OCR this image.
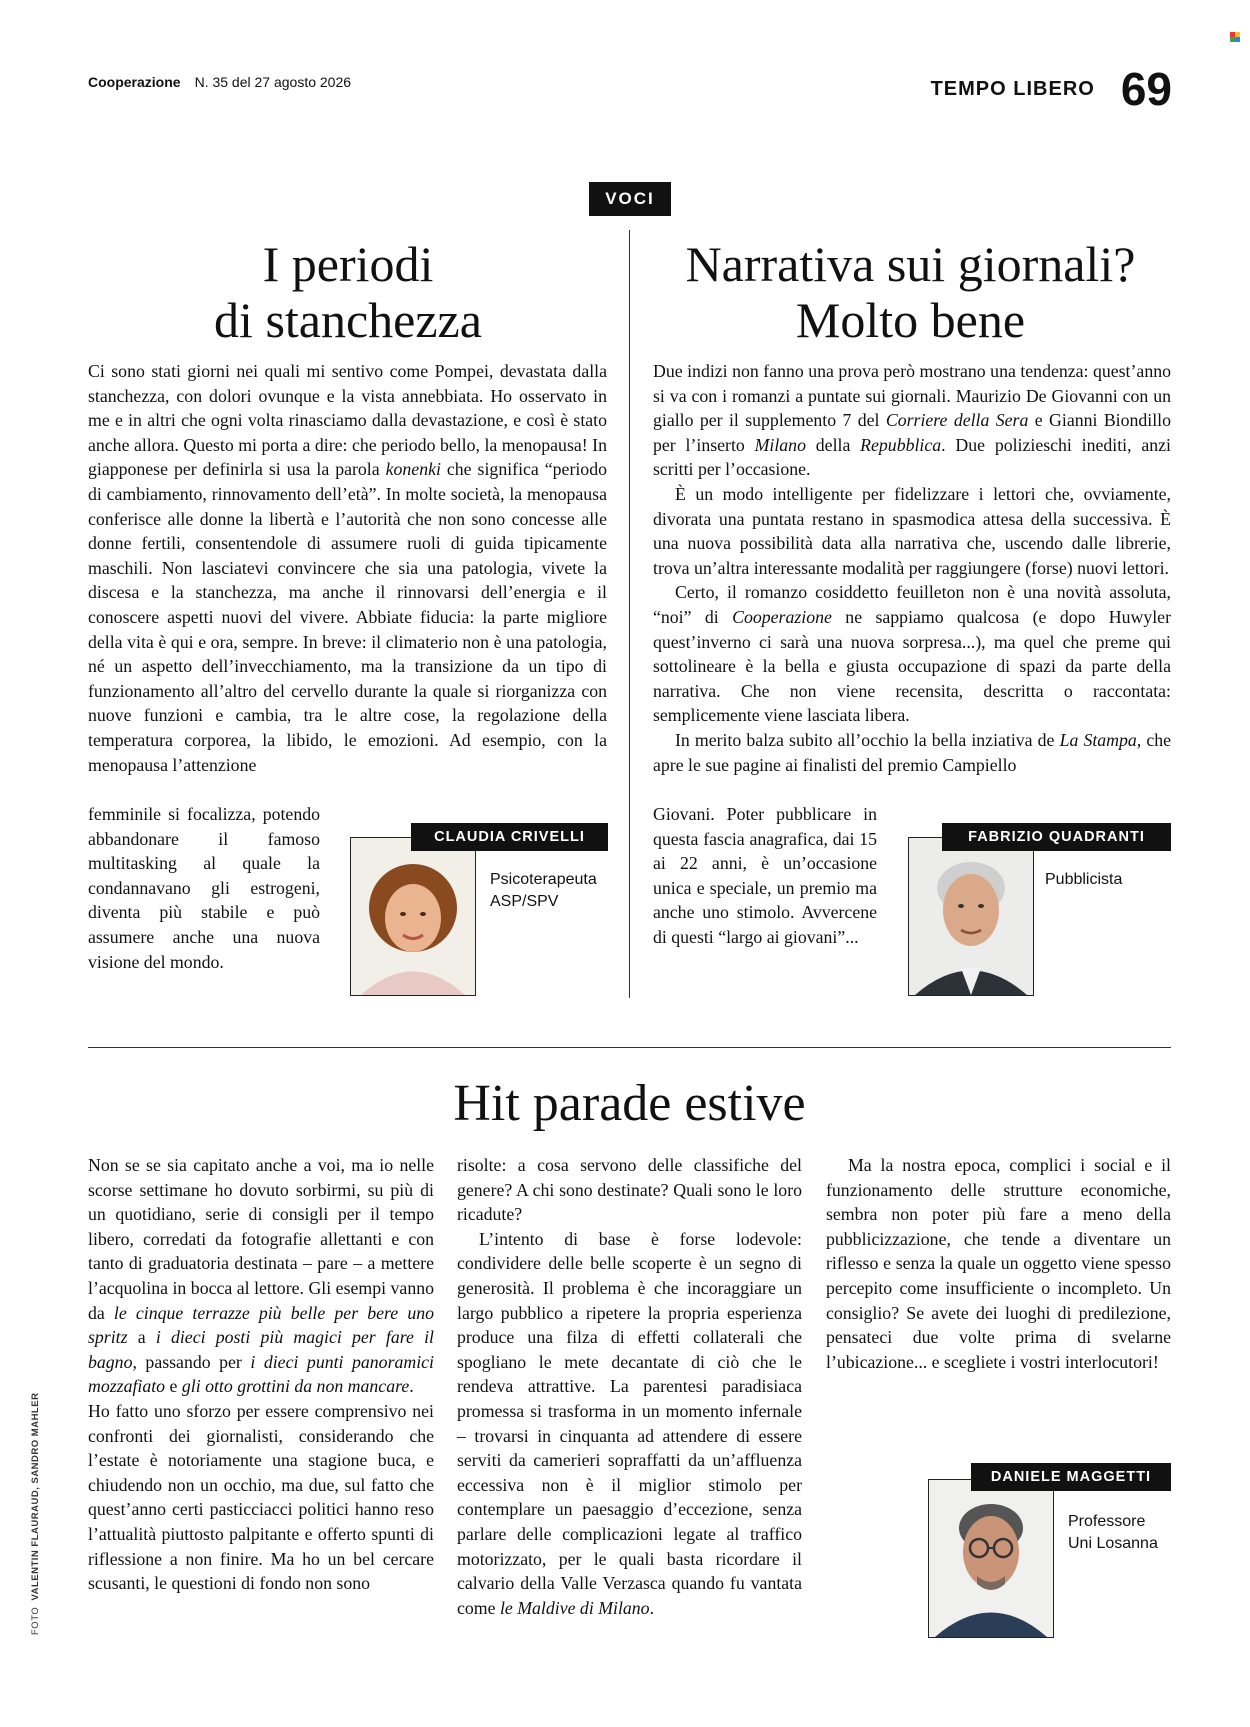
Cooperazione N. 35 del 27 agosto 2026	TEMPO LIBERO 69
VOCI
I periodi
di stanchezza

Ci sono stati giorni nei quali mi sentivo come Pompei, devastata dalla stanchezza, con dolori ovunque e la vista annebbiata. Ho osservato in me e in altri che ogni volta rinasciamo dalla devastazione, e così è stato anche allora. Questo mi porta a dire: che periodo bello, la menopausa! In giapponese per definirla si usa la parola konenki che significa “periodo di cambiamento, rinnovamento dell’età”. In molte società, la menopausa conferisce alle donne la libertà e l’autorità che non sono concesse alle donne fertili, consentendole di assumere ruoli di guida tipicamente maschili. Non lasciatevi convincere che sia una patologia, vivete la discesa e la stanchezza, ma anche il rinnovarsi dell’energia e il conoscere aspetti nuovi del vivere. Abbiate fiducia: la parte migliore della vita è qui e ora, sempre. In breve: il climaterio non è una patologia, né un aspetto dell’invecchiamento, ma la transizione da un tipo di funzionamento all’altro del cervello durante la quale si riorganizza con nuove funzioni e cambia, tra le altre cose, la regolazione della temperatura corporea, la libido, le emozioni. Ad esempio, con la menopausa l’attenzione

femminile si focalizza, potendo abbandonare il famoso multitasking al quale la condannavano gli estrogeni, diventa più stabile e può assumere anche una nuova visione del mondo.

CLAUDIA CRIVELLI
Psicoterapeuta
ASP/SPV
Narrativa sui giornali?
Molto bene

Due indizi non fanno una prova però mostrano una tendenza: quest’anno si va con i romanzi a puntate sui giornali. Maurizio De Giovanni con un giallo per il supplemento 7 del Corriere della Sera e Gianni Biondillo per l’inserto Milano della Repubblica. Due polizieschi inediti, anzi scritti per l’occasione.

È un modo intelligente per fidelizzare i lettori che, ovviamente, divorata una puntata restano in spasmodica attesa della successiva. È una nuova possibilità data alla narrativa che, uscendo dalle librerie, trova un’altra interessante modalità per raggiungere (forse) nuovi lettori.

Certo, il romanzo cosiddetto feuilleton non è una novità assoluta, “noi” di Cooperazione ne sappiamo qualcosa (e dopo Huwyler quest’inverno ci sarà una nuova sorpresa...), ma quel che preme qui sottolineare è la bella e giusta occupazione di spazi da parte della narrativa. Che non viene recensita, descritta o raccontata: semplicemente viene lasciata libera.

In merito balza subito all’occhio la bella inziativa de La Stampa, che apre le sue pagine ai finalisti del premio Campiello

Giovani. Poter pubblicare in questa fascia anagrafica, dai 15 ai 22 anni, è un’occasione unica e speciale, un premio ma anche uno stimolo. Avvercene di questi “largo ai giovani”...

FABRIZIO QUADRANTI
Pubblicista
Hit parade estive

Non se se sia capitato anche a voi, ma io nelle scorse settimane ho dovuto sorbirmi, su più di un quotidiano, serie di consigli per il tempo libero, corredati da fotografie allettanti e con tanto di graduatoria destinata – pare – a mettere l’acquolina in bocca al lettore. Gli esempi vanno da le cinque terrazze più belle per bere uno spritz a i dieci posti più magici per fare il bagno, passando per i dieci punti panoramici mozzafiato e gli otto grottini da non mancare.

Ho fatto uno sforzo per essere comprensivo nei confronti dei giornalisti, considerando che l’estate è notoriamente una stagione buca, e chiudendo non un occhio, ma due, sul fatto che quest’anno certi pasticciacci politici hanno reso l’attualità piuttosto palpitante e offerto spunti di riflessione a non finire. Ma ho un bel cercare scusanti, le questioni di fondo non sono

risolte: a cosa servono delle classifiche del genere? A chi sono destinate? Quali sono le loro ricadute?

L’intento di base è forse lodevole: condividere delle belle scoperte è un segno di generosità. Il problema è che incoraggiare un largo pubblico a ripetere la propria esperienza produce una filza di effetti collaterali che spogliano le mete decantate di ciò che le rendeva attrattive. La parentesi paradisiaca promessa si trasforma in un momento infernale – trovarsi in cinquanta ad attendere di essere serviti da camerieri sopraffatti da un’affluenza eccessiva non è il miglior stimolo per contemplare un paesaggio d’eccezione, senza parlare delle complicazioni legate al traffico motorizzato, per le quali basta ricordare il calvario della Valle Verzasca quando fu vantata come le Maldive di Milano.

Ma la nostra epoca, complici i social e il funzionamento delle strutture economiche, sembra non poter più fare a meno della pubblicizzazione, che tende a diventare un riflesso e senza la quale un oggetto viene spesso percepito come insufficiente o incompleto. Un consiglio? Se avete dei luoghi di predilezione, pensateci due volte prima di svelarne l’ubicazione... e scegliete i vostri interlocutori!

DANIELE MAGGETTI
Professore
Uni Losanna
FOTO  VALENTIN FLAURAUD, SANDRO MAHLER
